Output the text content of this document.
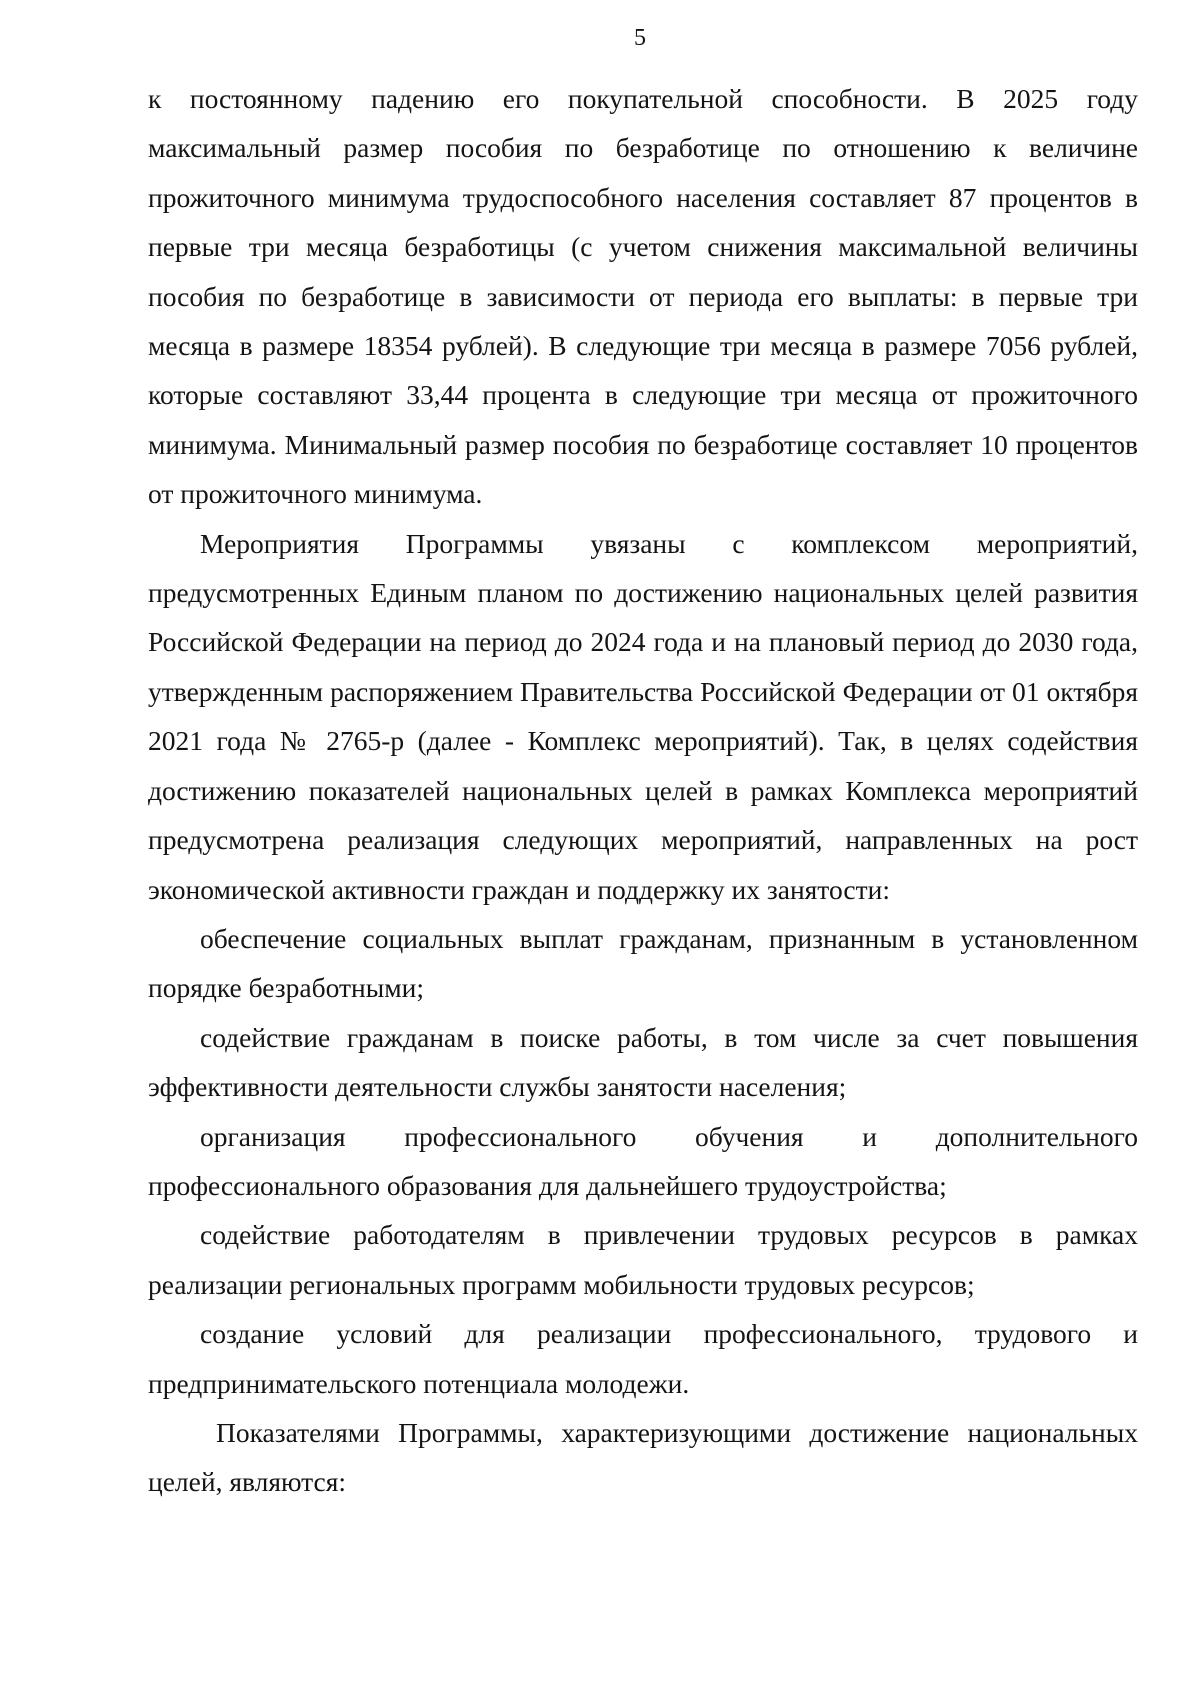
5

к постоянному падению его покупательной способности. В 2025 году максимальный размер пособия по безработице по отношению к величине прожиточного минимума трудоспособного населения составляет 87 процентов в первые три месяца безработицы (с учетом снижения максимальной величины пособия по безработице в зависимости от периода его выплаты: в первые три месяца в размере 18354 рублей). В следующие три месяца в размере 7056 рублей, которые составляют 33,44 процента в следующие три месяца от прожиточного минимума. Минимальный размер пособия по безработице составляет 10 процентов от прожиточного минимума.

Мероприятия Программы увязаны с комплексом мероприятий, предусмотренных Единым планом по достижению национальных целей развития Российской Федерации на период до 2024 года и на плановый период до 2030 года, утвержденным распоряжением Правительства Российской Федерации от 01 октября 2021 года № 2765-р (далее - Комплекс мероприятий). Так, в целях содействия достижению показателей национальных целей в рамках Комплекса мероприятий предусмотрена реализация следующих мероприятий, направленных на рост экономической активности граждан и поддержку их занятости:

обеспечение социальных выплат гражданам, признанным в установленном порядке безработными;

содействие гражданам в поиске работы, в том числе за счет повышения эффективности деятельности службы занятости населения;

организация профессионального обучения и дополнительного профессионального образования для дальнейшего трудоустройства;

содействие работодателям в привлечении трудовых ресурсов в рамках реализации региональных программ мобильности трудовых ресурсов;

создание условий для реализации профессионального, трудового и предпринимательского потенциала молодежи.

Показателями Программы, характеризующими достижение национальных целей, являются:
